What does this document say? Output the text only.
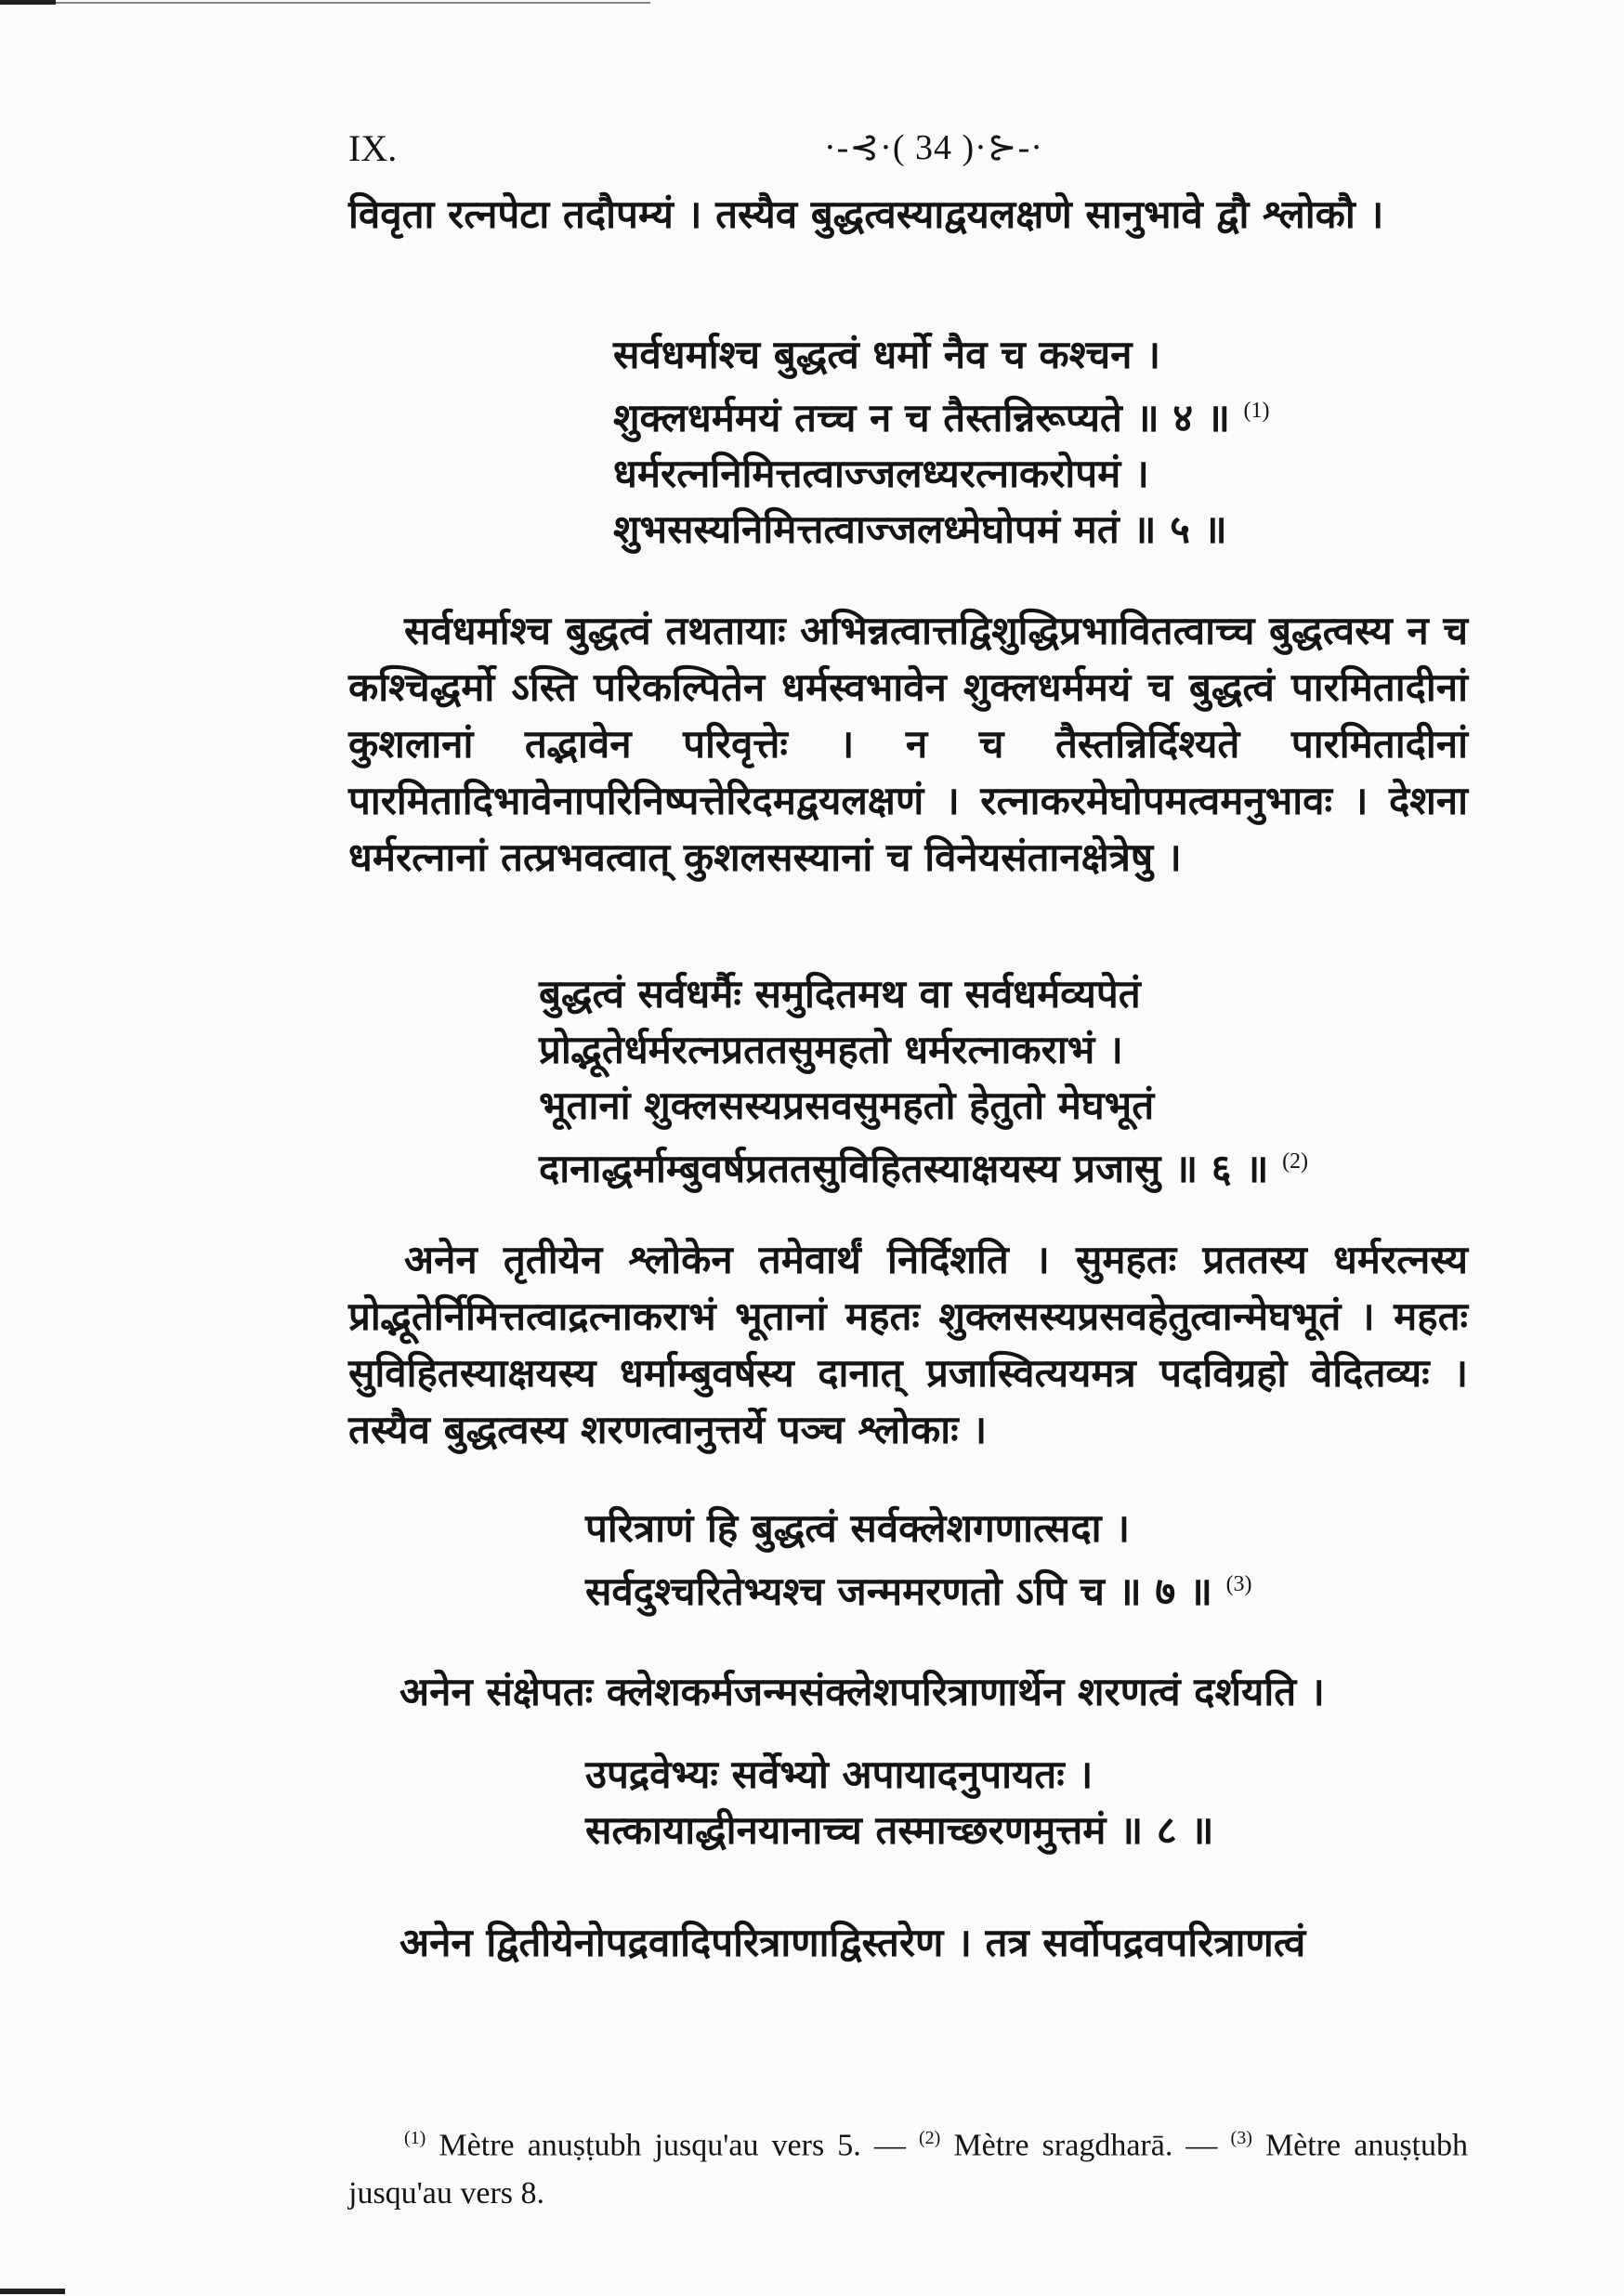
IX.	·-⊰·( 34 )·⊱-·

विवृता रत्नपेटा तदौपम्यं । तस्यैव बुद्धत्वस्याद्वयलक्षणे सानुभावे द्वौ श्लोकौ ।

सर्वधर्माश्च बुद्धत्वं धर्मो नैव च कश्चन ।
शुक्लधर्ममयं तच्च न च तैस्तन्निरूप्यते ॥ ४ ॥ $^{(1)}$
धर्मरत्ननिमित्तत्वाज्जलध्यरत्नाकरोपमं ।
शुभसस्यनिमित्तत्वाज्जलध्मेघोपमं मतं ॥ ५ ॥

सर्वधर्माश्च बुद्धत्वं तथतायाः अभिन्नत्वात्तद्विशुद्धिप्रभावितत्वाच्च बुद्धत्वस्य न च कश्चिद्धर्मो ऽस्ति परिकल्पितेन धर्मस्वभावेन शुक्लधर्ममयं च बुद्धत्वं पारमितादीनां कुशलानां तद्भावेन परिवृत्तेः । न च तैस्तन्निर्दिश्यते पारमितादीनां पारमितादिभावेनापरिनिष्पत्तेरिदमद्वयलक्षणं । रत्नाकरमेघोपमत्वमनुभावः । देशना धर्मरत्नानां तत्प्रभवत्वात् कुशलसस्यानां च विनेयसंतानक्षेत्रेषु ।

बुद्धत्वं सर्वधर्मैः समुदितमथ वा सर्वधर्मव्यपेतं
प्रोद्भूतेर्धर्मरत्नप्रततसुमहतो धर्मरत्नाकराभं ।
भूतानां शुक्लसस्यप्रसवसुमहतो हेतुतो मेघभूतं
दानाद्धर्माम्बुवर्षप्रततसुविहितस्याक्षयस्य प्रजासु ॥ ६ ॥ $^{(2)}$

अनेन तृतीयेन श्लोकेन तमेवार्थं निर्दिशति । सुमहतः प्रततस्य धर्मरत्नस्य प्रोद्भूतेर्निमित्तत्वाद्रत्नाकराभं भूतानां महतः शुक्लसस्यप्रसवहेतुत्वान्मेघभूतं । महतः सुविहितस्याक्षयस्य धर्माम्बुवर्षस्य दानात् प्रजास्वित्ययमत्र पदविग्रहो वेदितव्यः । तस्यैव बुद्धत्वस्य शरणत्वानुत्तर्ये पञ्च श्लोकाः ।

परित्राणं हि बुद्धत्वं सर्वक्लेशगणात्सदा ।
सर्वदुश्चरितेभ्यश्च जन्ममरणतो ऽपि च ॥ ७ ॥ $^{(3)}$

अनेन संक्षेपतः क्लेशकर्मजन्मसंक्लेशपरित्राणार्थेन शरणत्वं दर्शयति ।

उपद्रवेभ्यः सर्वेभ्यो अपायादनुपायतः ।
सत्कायाद्धीनयानाच्च तस्माच्छरणमुत्तमं ॥ ८ ॥

अनेन द्वितीयेनोपद्रवादिपरित्राणाद्विस्तरेण । तत्र सर्वोपद्रवपरित्राणत्वं

$^{(1)}$ Mètre anuṣṭubh jusqu'au vers 5. — $^{(2)}$ Mètre sragdharā. — $^{(3)}$ Mètre anuṣṭubh jusqu'au vers 8.
